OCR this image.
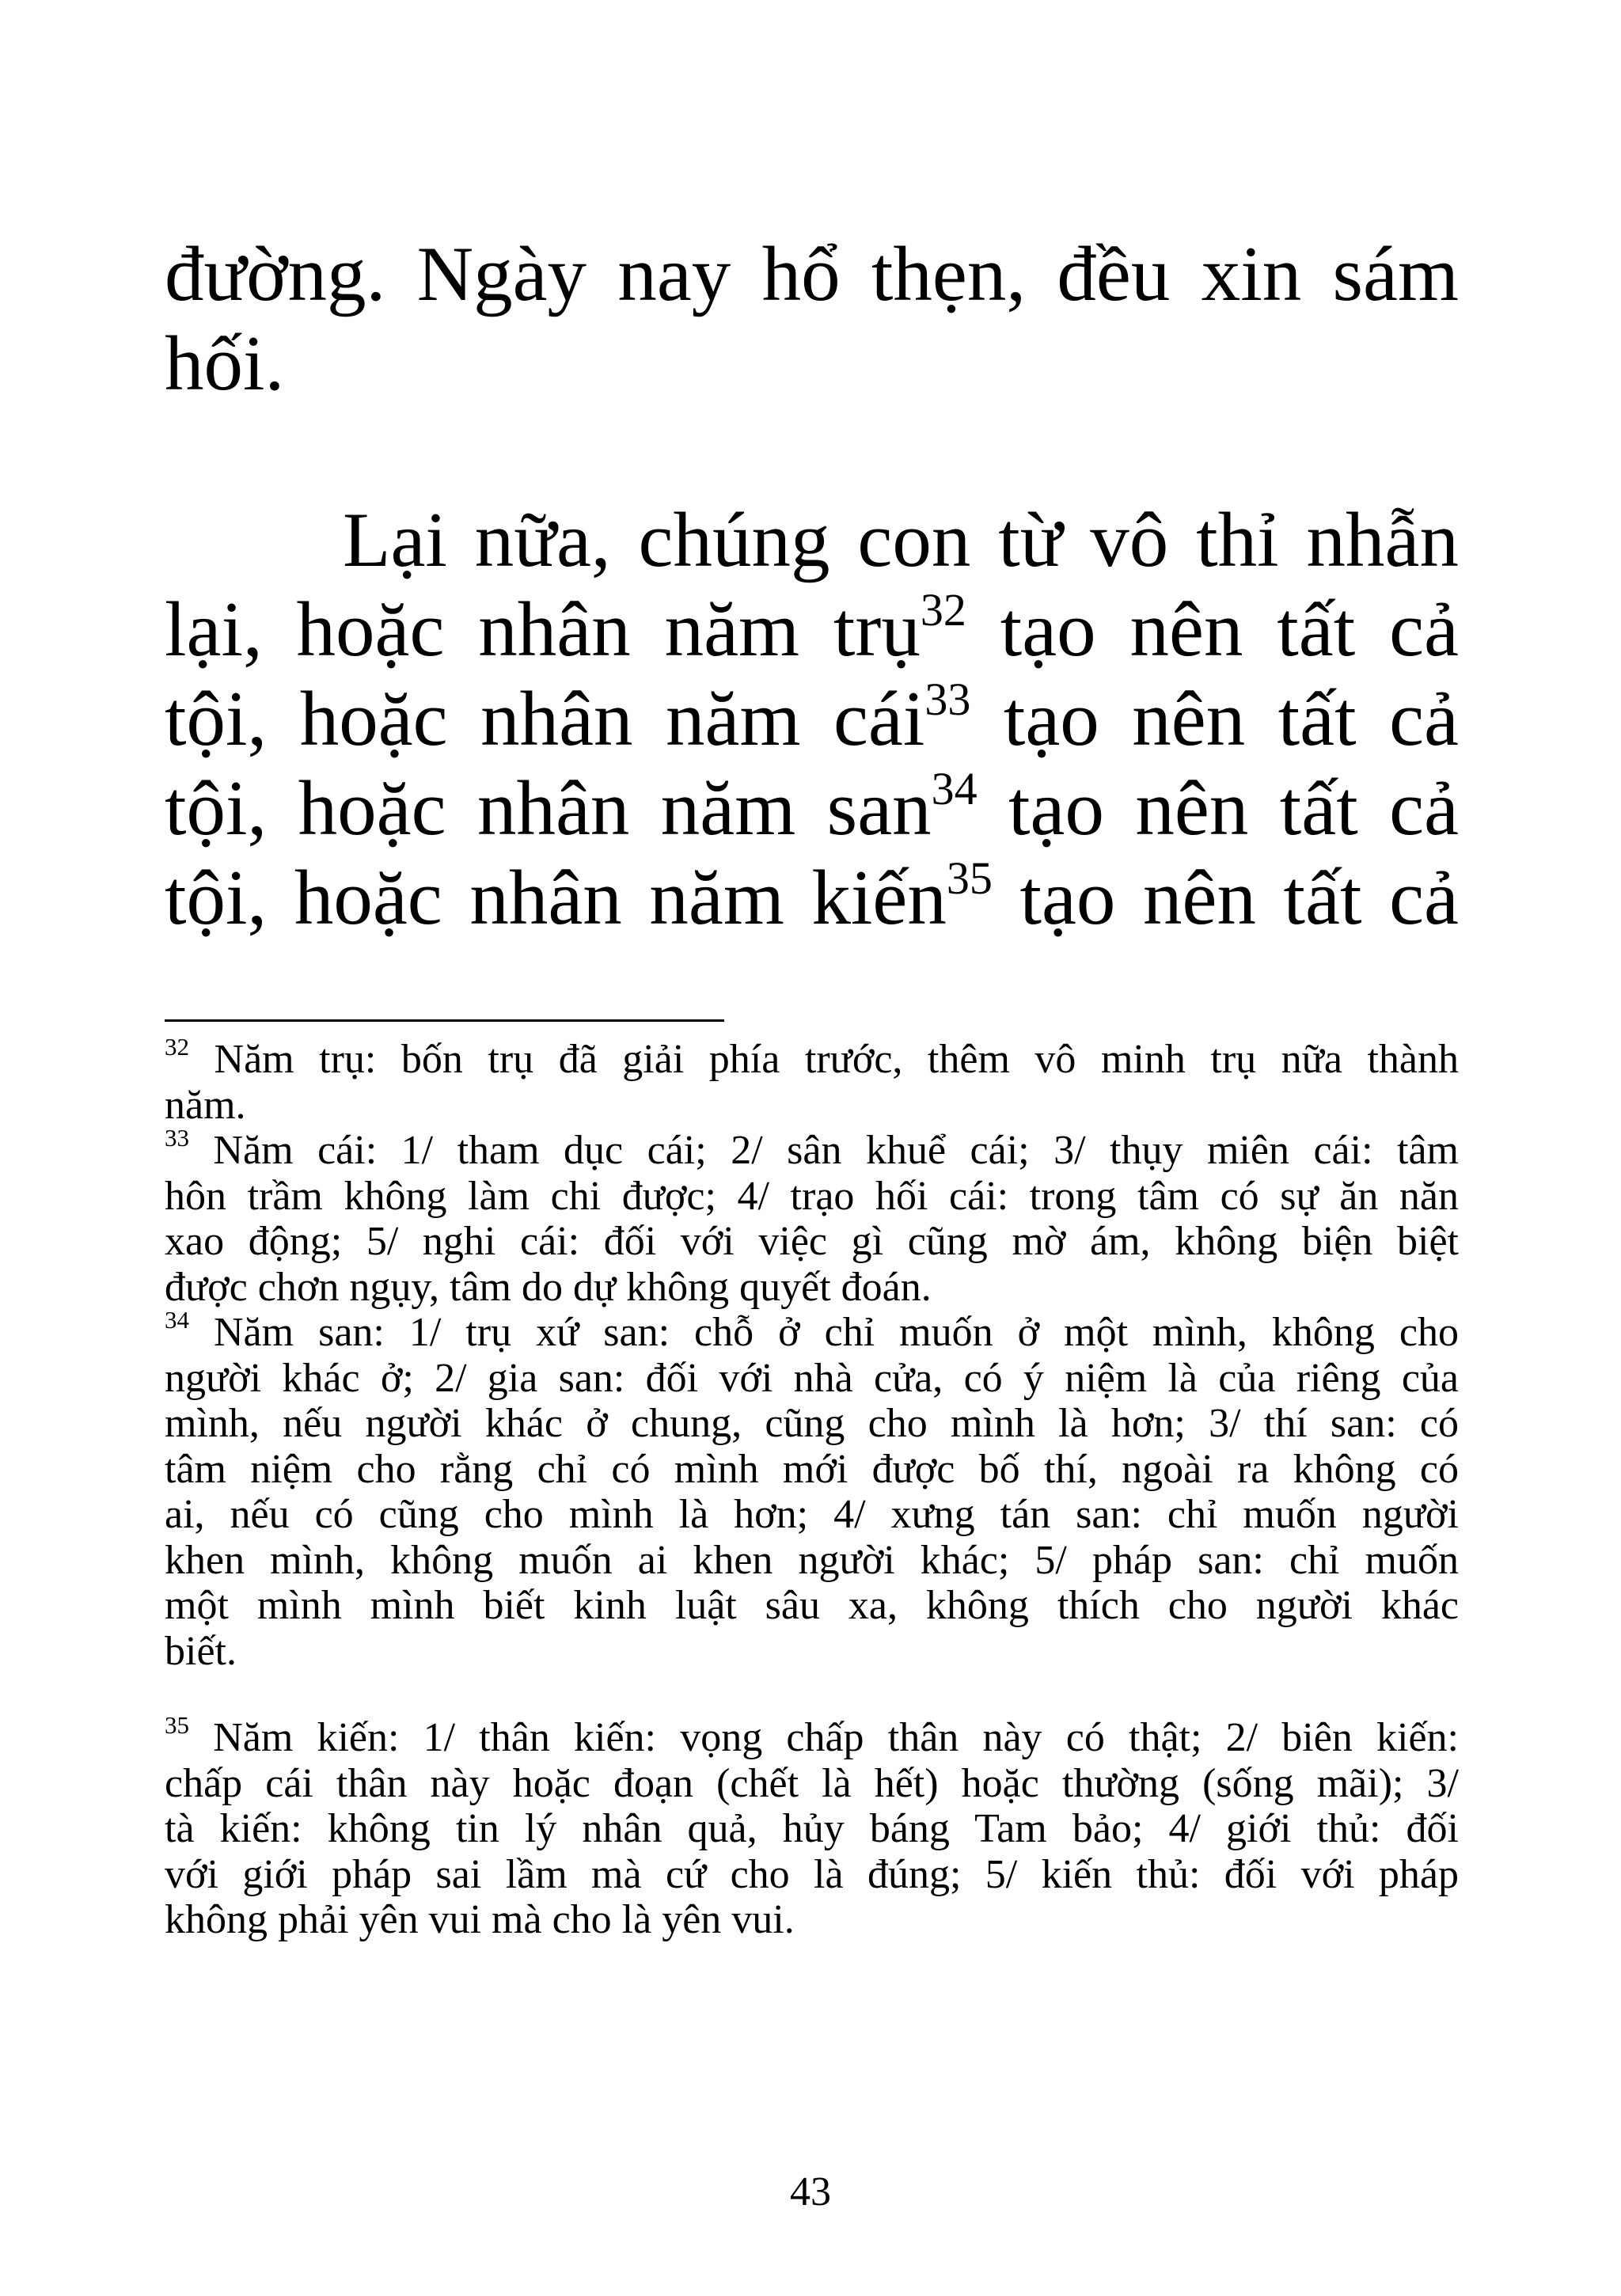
đường. Ngày nay hổ thẹn, đều xin sám
hối.
Lại nữa, chúng con từ vô thỉ nhẫn
lại, hoặc nhân năm trụ$^{32}$ tạo nên tất cả
tội, hoặc nhân năm cái$^{33}$ tạo nên tất cả
tội, hoặc nhân năm san$^{34}$ tạo nên tất cả
tội, hoặc nhân năm kiến$^{35}$ tạo nên tất cả
$^{32}$ Năm trụ: bốn trụ đã giải phía trước, thêm vô minh trụ nữa thành
năm.
$^{33}$ Năm cái: 1/ tham dục cái; 2/ sân khuể cái; 3/ thụy miên cái: tâm
hôn trầm không làm chi được; 4/ trạo hối cái: trong tâm có sự ăn năn
xao động; 5/ nghi cái: đối với việc gì cũng mờ ám, không biện biệt
được chơn ngụy, tâm do dự không quyết đoán.
$^{34}$ Năm san: 1/ trụ xứ san: chỗ ở chỉ muốn ở một mình, không cho
người khác ở; 2/ gia san: đối với nhà cửa, có ý niệm là của riêng của
mình, nếu người khác ở chung, cũng cho mình là hơn; 3/ thí san: có
tâm niệm cho rằng chỉ có mình mới được bố thí, ngoài ra không có
ai, nếu có cũng cho mình là hơn; 4/ xưng tán san: chỉ muốn người
khen mình, không muốn ai khen người khác; 5/ pháp san: chỉ muốn
một mình mình biết kinh luật sâu xa, không thích cho người khác
biết.
$^{35}$ Năm kiến: 1/ thân kiến: vọng chấp thân này có thật; 2/ biên kiến:
chấp cái thân này hoặc đoạn (chết là hết) hoặc thường (sống mãi); 3/
tà kiến: không tin lý nhân quả, hủy báng Tam bảo; 4/ giới thủ: đối
với giới pháp sai lầm mà cứ cho là đúng; 5/ kiến thủ: đối với pháp
không phải yên vui mà cho là yên vui.
43
